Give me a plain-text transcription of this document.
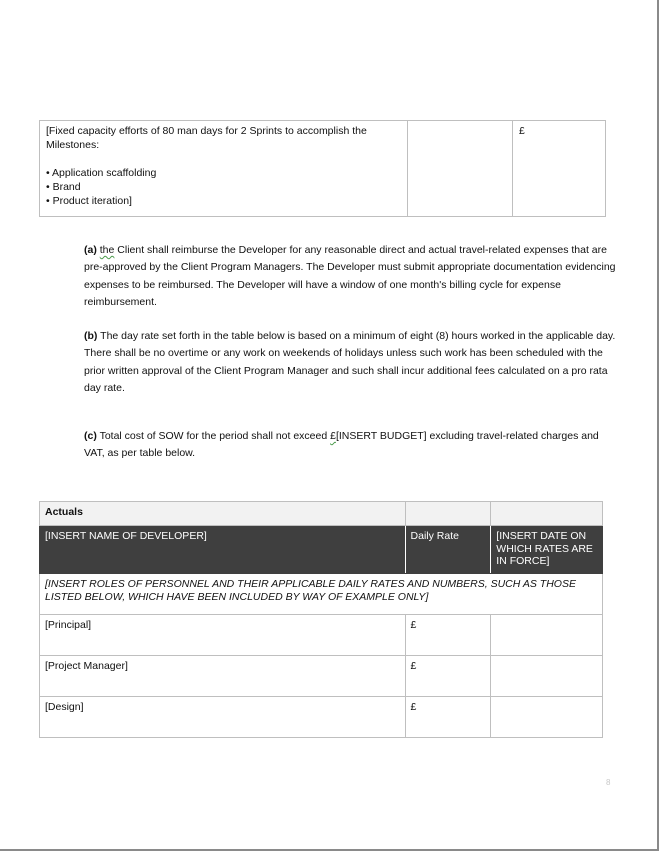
[Fixed capacity efforts of 80 man days for 2 Sprints to accomplish the Milestones:
• Application scaffolding
• Brand
• Product iteration]
		£
(a) the Client shall reimburse the Developer for any reasonable direct and actual travel-related expenses that are pre-approved by the Client Program Managers. The Developer must submit appropriate documentation evidencing expenses to be reimbursed. The Developer will have a window of one month's billing cycle for expense reimbursement.
(b) The day rate set forth in the table below is based on a minimum of eight (8) hours worked in the applicable day. There shall be no overtime or any work on weekends of holidays unless such work has been scheduled with the prior written approval of the Client Program Manager and such shall incur additional fees calculated on a pro rata day rate.
(c) Total cost of SOW for the period shall not exceed £[INSERT BUDGET] excluding travel-related charges and VAT, as per table below.
Actuals		
[INSERT NAME OF DEVELOPER]	Daily Rate	[INSERT DATE ON WHICH RATES ARE IN FORCE]
[INSERT ROLES OF PERSONNEL AND THEIR APPLICABLE DAILY RATES AND NUMBERS, SUCH AS THOSE LISTED BELOW, WHICH HAVE BEEN INCLUDED BY WAY OF EXAMPLE ONLY]		
[Principal]	£	
[Project Manager]	£	
[Design]	£	
8
